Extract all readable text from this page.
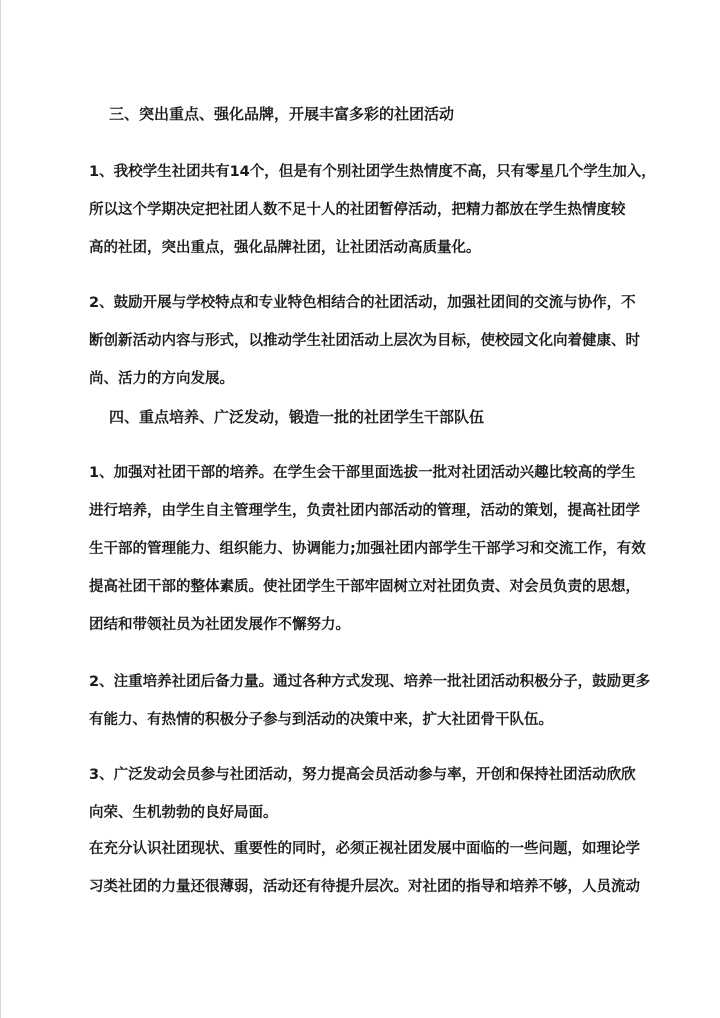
三、突出重点、强化品牌，开展丰富多彩的社团活动
1、我校学生社团共有14个，但是有个别社团学生热情度不高，只有零星几个学生加入，
所以这个学期决定把社团人数不足十人的社团暂停活动，把精力都放在学生热情度较
高的社团，突出重点，强化品牌社团，让社团活动高质量化。
2、鼓励开展与学校特点和专业特色相结合的社团活动，加强社团间的交流与协作，不
断创新活动内容与形式，以推动学生社团活动上层次为目标，使校园文化向着健康、时
尚、活力的方向发展。
四、重点培养、广泛发动，锻造一批的社团学生干部队伍
1、加强对社团干部的培养。在学生会干部里面选拔一批对社团活动兴趣比较高的学生
进行培养，由学生自主管理学生，负责社团内部活动的管理，活动的策划，提高社团学
生干部的管理能力、组织能力、协调能力;加强社团内部学生干部学习和交流工作，有效
提高社团干部的整体素质。使社团学生干部牢固树立对社团负责、对会员负责的思想，
团结和带领社员为社团发展作不懈努力。
2、注重培养社团后备力量。通过各种方式发现、培养一批社团活动积极分子，鼓励更多
有能力、有热情的积极分子参与到活动的决策中来，扩大社团骨干队伍。
3、广泛发动会员参与社团活动，努力提高会员活动参与率，开创和保持社团活动欣欣
向荣、生机勃勃的良好局面。
在充分认识社团现状、重要性的同时，必须正视社团发展中面临的一些问题，如理论学
习类社团的力量还很薄弱，活动还有待提升层次。对社团的指导和培养不够，人员流动
